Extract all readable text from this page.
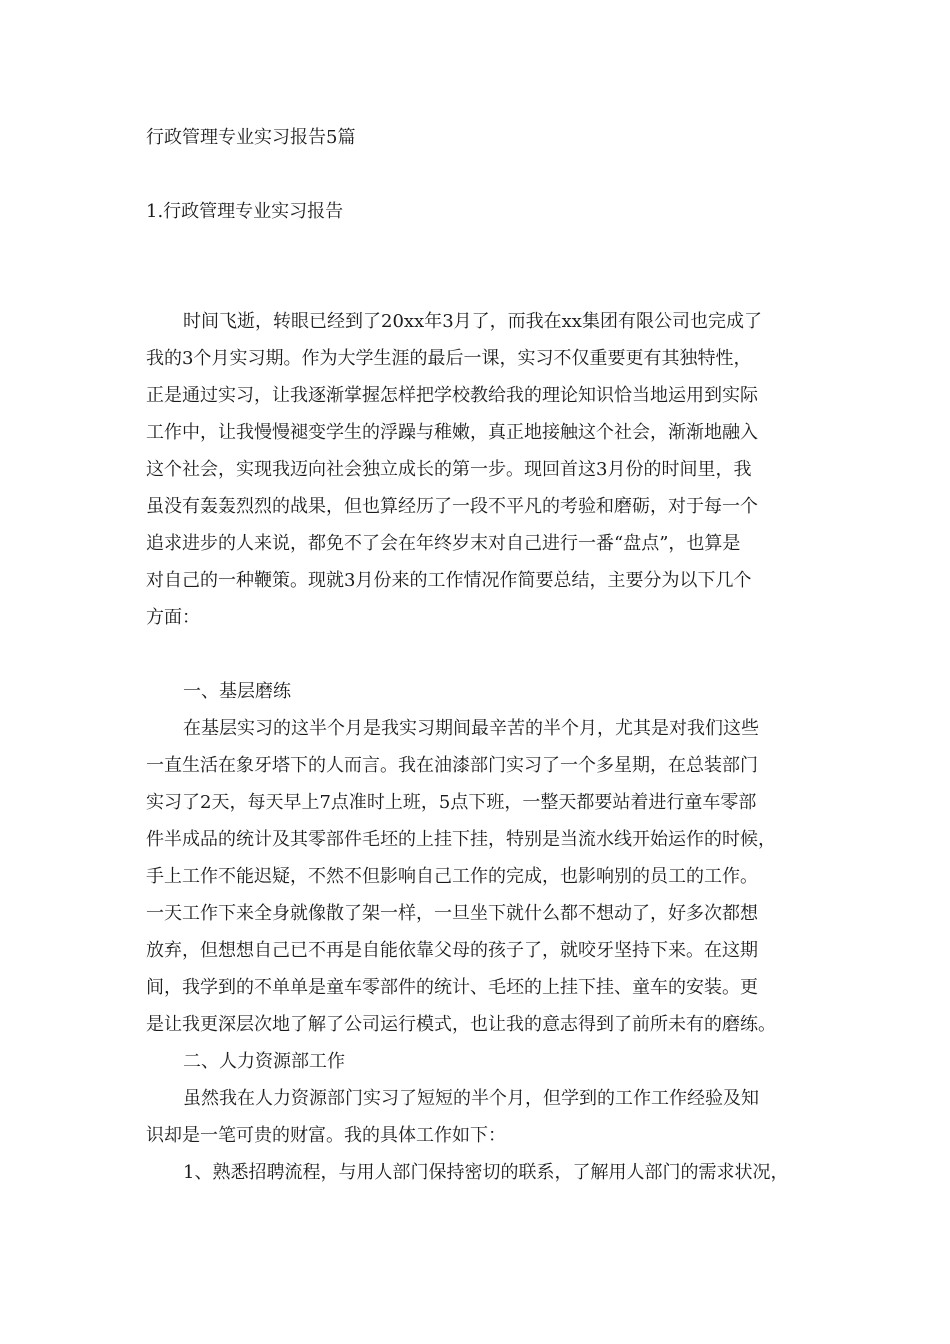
行政管理专业实习报告5篇
1.行政管理专业实习报告
时间飞逝，转眼已经到了20xx年3月了，而我在xx集团有限公司也完成了
我的3个月实习期。作为大学生涯的最后一课，实习不仅重要更有其独特性，
正是通过实习，让我逐渐掌握怎样把学校教给我的理论知识恰当地运用到实际
工作中，让我慢慢褪变学生的浮躁与稚嫩，真正地接触这个社会，渐渐地融入
这个社会，实现我迈向社会独立成长的第一步。现回首这3月份的时间里，我
虽没有轰轰烈烈的战果，但也算经历了一段不平凡的考验和磨砺，对于每一个
追求进步的人来说，都免不了会在年终岁末对自己进行一番“盘点”，也算是
对自己的一种鞭策。现就3月份来的工作情况作简要总结，主要分为以下几个
方面：
一、基层磨练
在基层实习的这半个月是我实习期间最辛苦的半个月，尤其是对我们这些
一直生活在象牙塔下的人而言。我在油漆部门实习了一个多星期，在总装部门
实习了2天，每天早上7点准时上班，5点下班，一整天都要站着进行童车零部
件半成品的统计及其零部件毛坯的上挂下挂，特别是当流水线开始运作的时候，
手上工作不能迟疑，不然不但影响自己工作的完成，也影响别的员工的工作。
一天工作下来全身就像散了架一样，一旦坐下就什么都不想动了，好多次都想
放弃，但想想自己已不再是自能依靠父母的孩子了，就咬牙坚持下来。在这期
间，我学到的不单单是童车零部件的统计、毛坯的上挂下挂、童车的安装。更
是让我更深层次地了解了公司运行模式，也让我的意志得到了前所未有的磨练。
二、人力资源部工作
虽然我在人力资源部门实习了短短的半个月，但学到的工作工作经验及知
识却是一笔可贵的财富。我的具体工作如下：
1、熟悉招聘流程，与用人部门保持密切的联系，了解用人部门的需求状况，
